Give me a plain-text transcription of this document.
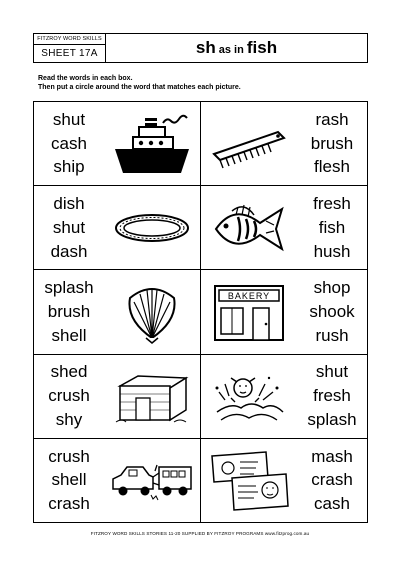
FITZROY WORD SKILLS
SHEET 17A	sh as in fish
Read the words in each box.
Then put a circle around the word that matches each picture.
shut
cash
ship
rash
brush
flesh
dish
shut
dash
fresh
fish
hush
splash
brush
shell
BAKERY	shop
shook
rush
shed
crush
shy
shut
fresh
splash
crush
shell
crash
mash
crash
cash
FITZROY WORD SKILLS STORIES 11-20 SUPPLIED BY FITZROY PROGRAMS www.fitzprog.com.au
